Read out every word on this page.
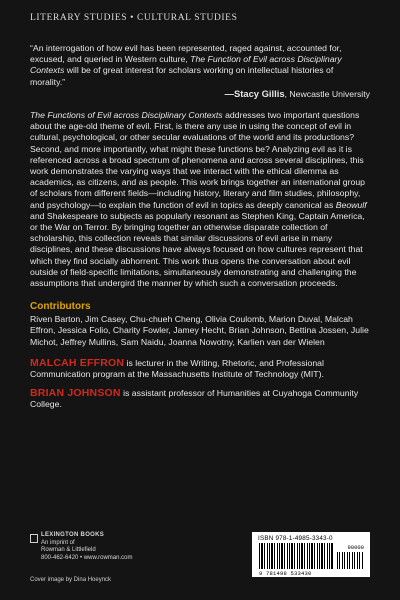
LITERARY STUDIES • CULTURAL STUDIES

“An interrogation of how evil has been represented, raged against, accounted for, excused, and queried in Western culture, The Function of Evil across Disciplinary Contexts will be of great interest for scholars working on intellectual histories of morality.”

—Stacy Gillis, Newcastle University

The Functions of Evil across Disciplinary Contexts addresses two important questions about the age-old theme of evil. First, is there any use in using the concept of evil in cultural, psychological, or other secular evaluations of the world and its productions? Second, and more importantly, what might these functions be? Analyzing evil as it is referenced across a broad spectrum of phenomena and across several disciplines, this work demonstrates the varying ways that we interact with the ethical dilemma as academics, as citizens, and as people. This work brings together an international group of scholars from different fields—including history, literary and film studies, philosophy, and psychology—to explain the function of evil in topics as deeply canonical as Beowulf and Shakespeare to subjects as popularly resonant as Stephen King, Captain America, or the War on Terror. By bringing together an otherwise disparate collection of scholarship, this collection reveals that similar discussions of evil arise in many disciplines, and these discussions have always focused on how cultures represent that which they find socially abhorrent. This work thus opens the conversation about evil outside of field-specific limitations, simultaneously demonstrating and challenging the assumptions that undergird the manner by which such a conversation proceeds.

Contributors

Riven Barton, Jim Casey, Chu-chueh Cheng, Olivia Coulomb, Marion Duval, Malcah Effron, Jessica Folio, Charity Fowler, Jamey Hecht, Brian Johnson, Bettina Jossen, Julie Michot, Jeffrey Mullins, Sam Naidu, Joanna Nowotny, Karlien van der Wielen

MALCAH EFFRON is lecturer in the Writing, Rhetoric, and Professional Communication program at the Massachusetts Institute of Technology (MIT).

BRIAN JOHNSON is assistant professor of Humanities at Cuyahoga Community College.

LEXINGTON BOOKS
An imprint of
Rowman & Littlefield
800-462-6420 • www.rowman.com
Cover image by Dina Hoeynck
ISBN 978-1-4985-3343-0
90000
9 781498 533430
